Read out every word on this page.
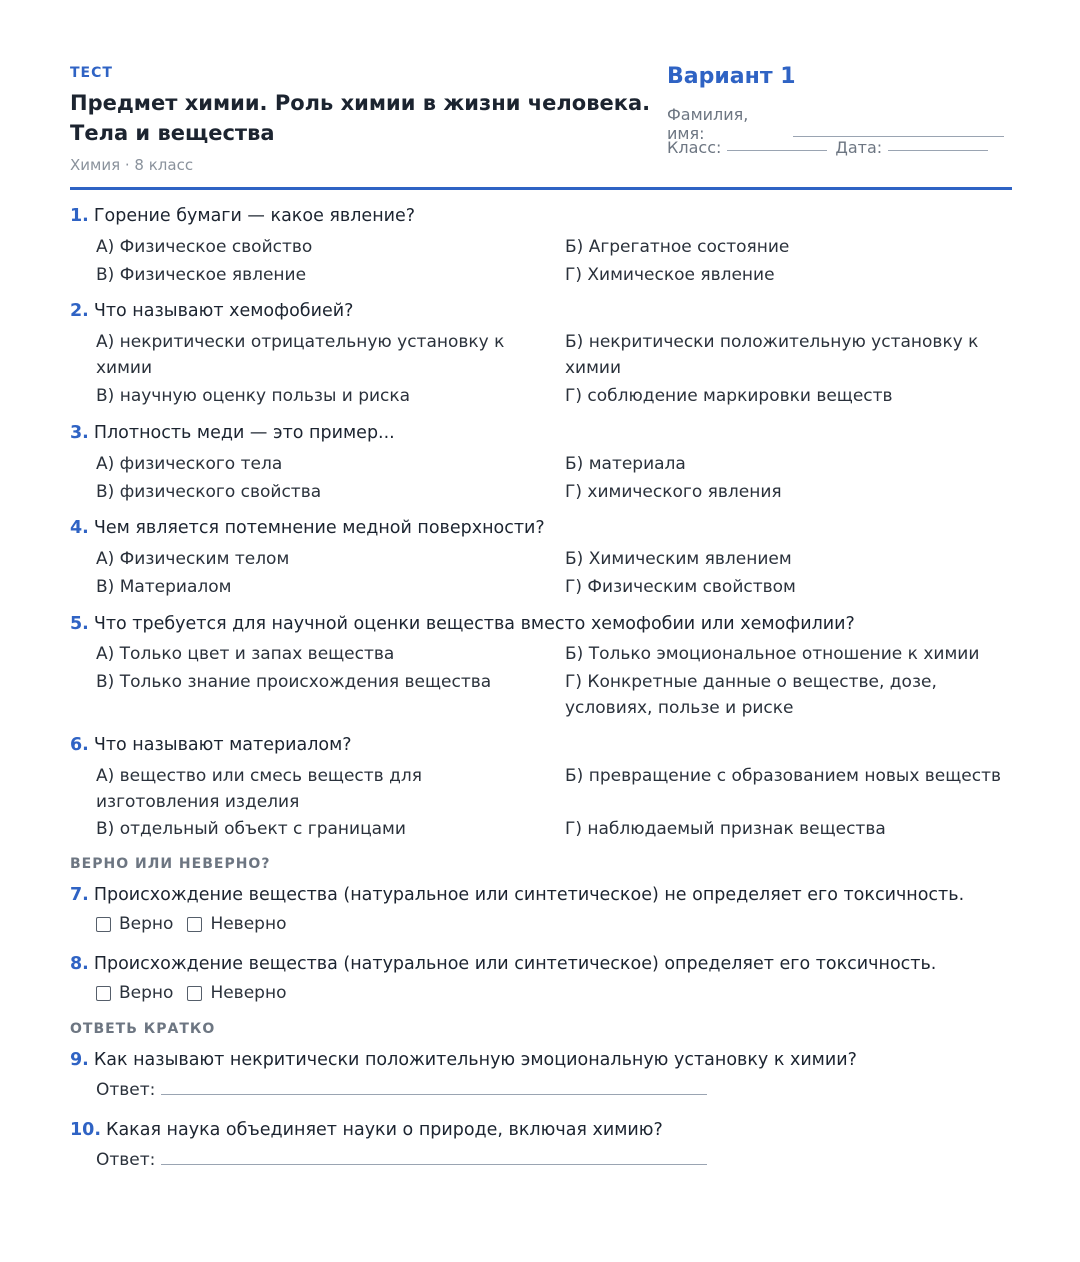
ТЕСТ
Предмет химии. Роль химии в жизни человека. Тела и вещества
Химия · 8 класс
Вариант 1
Фамилия, имя:
Класс:	Дата:
1. Горение бумаги — какое явление?
А) Физическое свойство	Б) Агрегатное состояние
В) Физическое явление	Г) Химическое явление
2. Что называют хемофобией?
А) некритически отрицательную установку к химии
Б) некритически положительную установку к химии
В) научную оценку пользы и риска	Г) соблюдение маркировки веществ
3. Плотность меди — это пример...
А) физического тела	Б) материала
В) физического свойства	Г) химического явления
4. Чем является потемнение медной поверхности?
А) Физическим телом	Б) Химическим явлением
В) Материалом	Г) Физическим свойством
5. Что требуется для научной оценки вещества вместо хемофобии или хемофилии?
А) Только цвет и запах вещества	Б) Только эмоциональное отношение к химии
В) Только знание происхождения вещества	Г) Конкретные данные о веществе, дозе, условиях, пользе и риске
6. Что называют материалом?
А) вещество или смесь веществ для изготовления изделия
Б) превращение с образованием новых веществ
В) отдельный объект с границами	Г) наблюдаемый признак вещества
ВЕРНО ИЛИ НЕВЕРНО?
7. Происхождение вещества (натуральное или синтетическое) не определяет его токсичность.
Верно Неверно
8. Происхождение вещества (натуральное или синтетическое) определяет его токсичность.
Верно Неверно
ОТВЕТЬ КРАТКО
9. Как называют некритически положительную эмоциональную установку к химии?
Ответ:
10. Какая наука объединяет науки о природе, включая химию?
Ответ:
